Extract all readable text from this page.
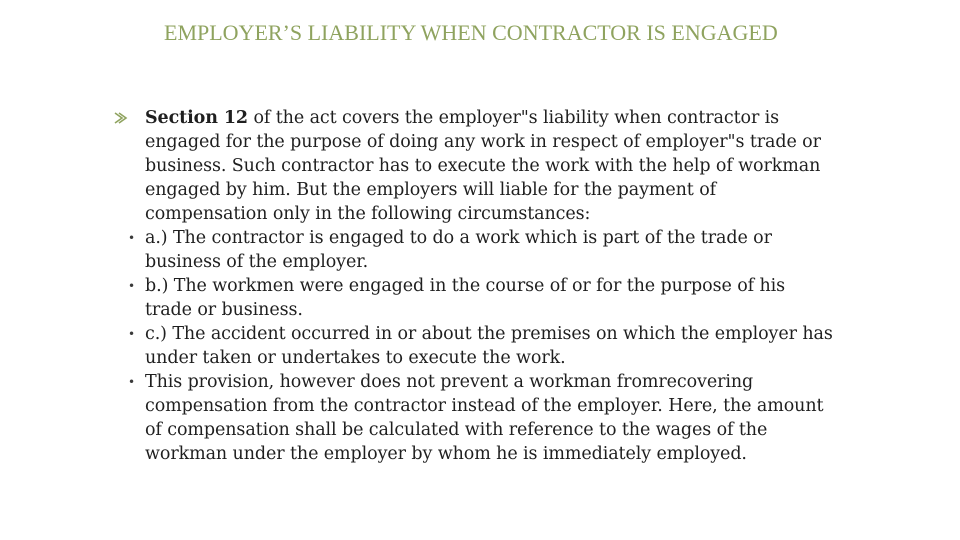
EMPLOYER’S LIABILITY WHEN CONTRACTOR IS ENGAGED

Section 12 of the act covers the employer"s liability when contractor is engaged for the purpose of doing any work in respect of employer"s trade or business. Such contractor has to execute the work with the help of workman engaged by him. But the employers will liable for the payment of compensation only in the following circumstances:

• a.) The contractor is engaged to do a work which is part of the trade or business of the employer.

• b.) The workmen were engaged in the course of or for the purpose of his trade or business.

• c.) The accident occurred in or about the premises on which the employer has under taken or undertakes to execute the work.

• This provision, however does not prevent a workman fromrecovering compensation from the contractor instead of the employer. Here, the amount of compensation shall be calculated with reference to the wages of the workman under the employer by whom he is immediately employed.
